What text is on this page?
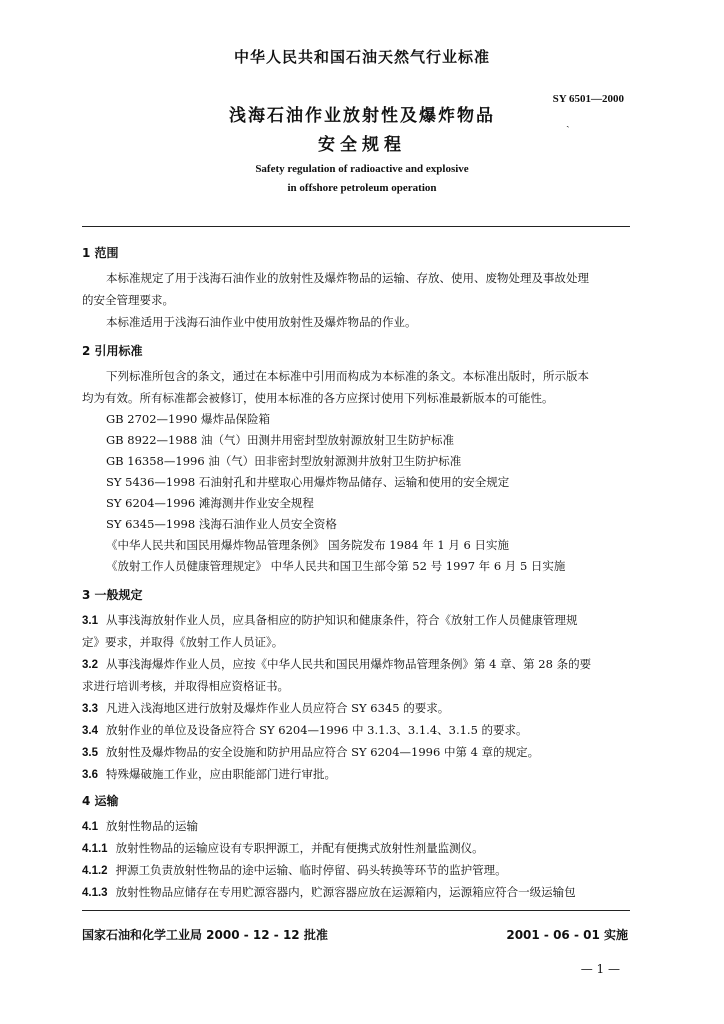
中华人民共和国石油天然气行业标准
SY 6501—2000
ˏ
浅海石油作业放射性及爆炸物品
安全规程
Safety regulation of radioactive and explosive
in offshore petroleum operation
1 范围
本标准规定了用于浅海石油作业的放射性及爆炸物品的运输、存放、使用、废物处理及事故处理
的安全管理要求。
本标准适用于浅海石油作业中使用放射性及爆炸物品的作业。
2 引用标准
下列标准所包含的条文，通过在本标准中引用而构成为本标准的条文。本标准出版时，所示版本
均为有效。所有标准都会被修订，使用本标准的各方应探讨使用下列标准最新版本的可能性。
GB 2702—1990 爆炸品保险箱
GB 8922—1988 油（气）田测井用密封型放射源放射卫生防护标准
GB 16358—1996 油（气）田非密封型放射源测井放射卫生防护标准
SY 5436—1998 石油射孔和井壁取心用爆炸物品储存、运输和使用的安全规定
SY 6204—1996 滩海测井作业安全规程
SY 6345—1998 浅海石油作业人员安全资格
《中华人民共和国民用爆炸物品管理条例》 国务院发布 1984 年 1 月 6 日实施
《放射工作人员健康管理规定》 中华人民共和国卫生部令第 52 号 1997 年 6 月 5 日实施
3 一般规定
3.1 从事浅海放射作业人员，应具备相应的防护知识和健康条件，符合《放射工作人员健康管理规
定》要求，并取得《放射工作人员证》。
3.2 从事浅海爆炸作业人员，应按《中华人民共和国民用爆炸物品管理条例》第 4 章、第 28 条的要
求进行培训考核，并取得相应资格证书。
3.3 凡进入浅海地区进行放射及爆炸作业人员应符合 SY 6345 的要求。
3.4 放射作业的单位及设备应符合 SY 6204—1996 中 3.1.3、3.1.4、3.1.5 的要求。
3.5 放射性及爆炸物品的安全设施和防护用品应符合 SY 6204—1996 中第 4 章的规定。
3.6 特殊爆破施工作业，应由职能部门进行审批。
4 运输
4.1 放射性物品的运输
4.1.1 放射性物品的运输应设有专职押源工，并配有便携式放射性剂量监测仪。
4.1.2 押源工负责放射性物品的途中运输、临时停留、码头转换等环节的监护管理。
4.1.3 放射性物品应储存在专用贮源容器内，贮源容器应放在运源箱内，运源箱应符合一级运输包
国家石油和化学工业局 2000 - 12 - 12 批准	2001 - 06 - 01 实施
— 1 —
